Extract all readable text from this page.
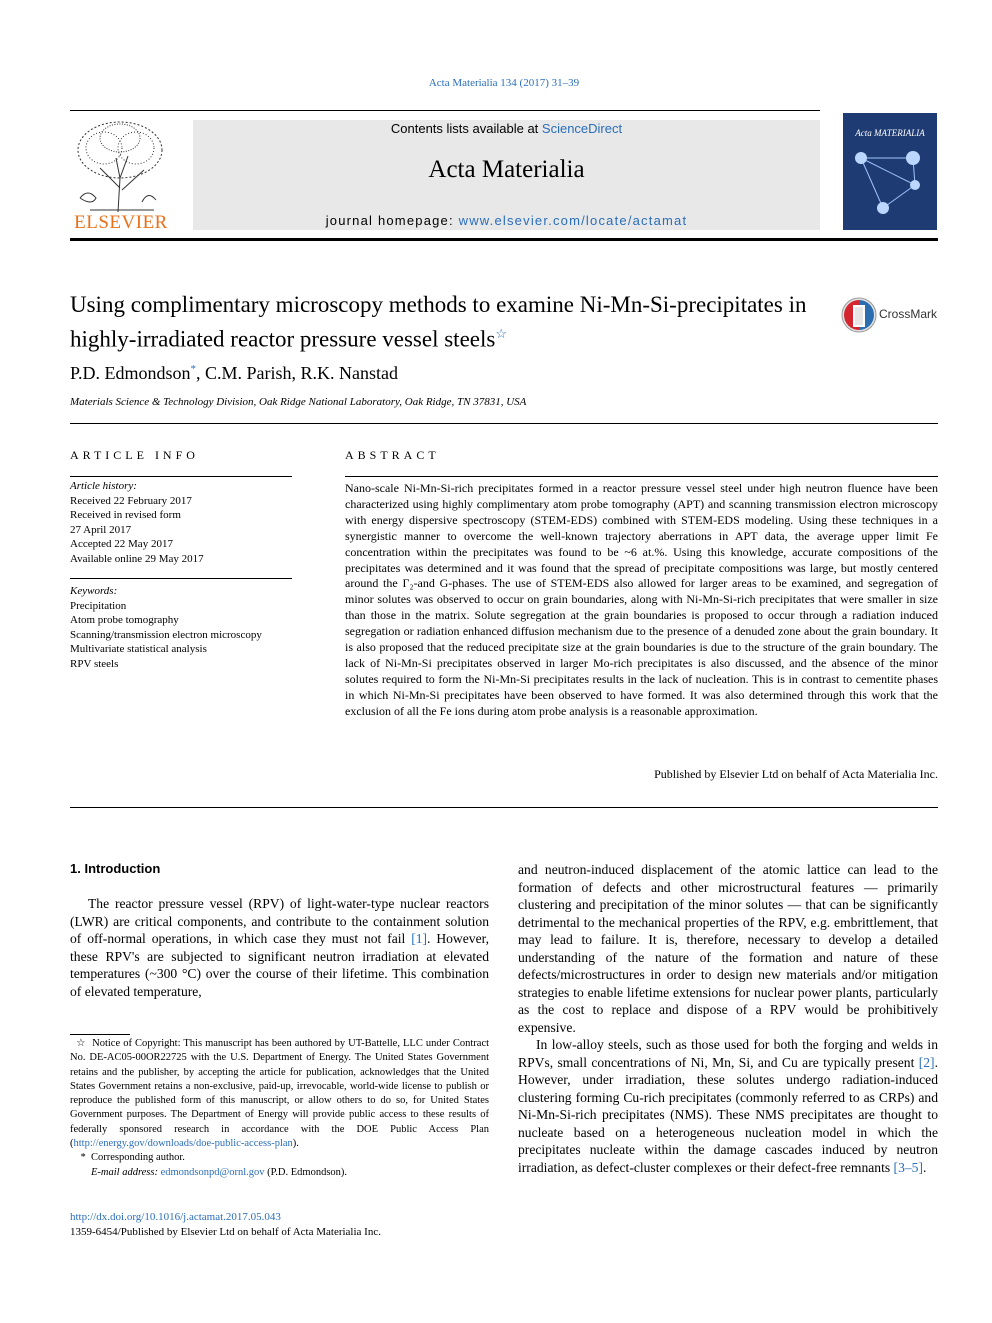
Acta Materialia 134 (2017) 31–39
ELSEVIER
Contents lists available at ScienceDirect
Acta Materialia
journal homepage: www.elsevier.com/locate/actamat
Acta MATERIALIA
Using complimentary microscopy methods to examine Ni-Mn-Si-precipitates in highly-irradiated reactor pressure vessel steels☆
CrossMark
P.D. Edmondson*, C.M. Parish, R.K. Nanstad
Materials Science & Technology Division, Oak Ridge National Laboratory, Oak Ridge, TN 37831, USA
ARTICLE INFO
Article history:
Received 22 February 2017
Received in revised form
27 April 2017
Accepted 22 May 2017
Available online 29 May 2017
Keywords:
Precipitation
Atom probe tomography
Scanning/transmission electron microscopy
Multivariate statistical analysis
RPV steels
ABSTRACT
Nano-scale Ni-Mn-Si-rich precipitates formed in a reactor pressure vessel steel under high neutron fluence have been characterized using highly complimentary atom probe tomography (APT) and scanning transmission electron microscopy with energy dispersive spectroscopy (STEM-EDS) combined with STEM-EDS modeling. Using these techniques in a synergistic manner to overcome the well-known trajectory aberrations in APT data, the average upper limit Fe concentration within the precipitates was found to be ~6 at.%. Using this knowledge, accurate compositions of the precipitates was determined and it was found that the spread of precipitate compositions was large, but mostly centered around the Γ₂-and G-phases. The use of STEM-EDS also allowed for larger areas to be examined, and segregation of minor solutes was observed to occur on grain boundaries, along with Ni-Mn-Si-rich precipitates that were smaller in size than those in the matrix. Solute segregation at the grain boundaries is proposed to occur through a radiation induced segregation or radiation enhanced diffusion mechanism due to the presence of a denuded zone about the grain boundary. It is also proposed that the reduced precipitate size at the grain boundaries is due to the structure of the grain boundary. The lack of Ni-Mn-Si precipitates observed in larger Mo-rich precipitates is also discussed, and the absence of the minor solutes required to form the Ni-Mn-Si precipitates results in the lack of nucleation. This is in contrast to cementite phases in which Ni-Mn-Si precipitates have been observed to have formed. It was also determined through this work that the exclusion of all the Fe ions during atom probe analysis is a reasonable approximation.
Published by Elsevier Ltd on behalf of Acta Materialia Inc.
1. Introduction

The reactor pressure vessel (RPV) of light-water-type nuclear reactors (LWR) are critical components, and contribute to the containment solution of off-normal operations, in which case they must not fail [1]. However, these RPV's are subjected to significant neutron irradiation at elevated temperatures (~300 °C) over the course of their lifetime. This combination of elevated temperature,

and neutron-induced displacement of the atomic lattice can lead to the formation of defects and other microstructural features — primarily clustering and precipitation of the minor solutes — that can be significantly detrimental to the mechanical properties of the RPV, e.g. embrittlement, that may lead to failure. It is, therefore, necessary to develop a detailed understanding of the nature of the formation and nature of these defects/microstructures in order to design new materials and/or mitigation strategies to enable lifetime extensions for nuclear power plants, particularly as the cost to replace and dispose of a RPV would be prohibitively expensive.

In low-alloy steels, such as those used for both the forging and welds in RPVs, small concentrations of Ni, Mn, Si, and Cu are typically present [2]. However, under irradiation, these solutes undergo radiation-induced clustering forming Cu-rich precipitates (commonly referred to as CRPs) and Ni-Mn-Si-rich precipitates (NMS). These NMS precipitates are thought to nucleate based on a heterogeneous nucleation model in which the precipitates nucleate within the damage cascades induced by neutron irradiation, as defect-cluster complexes or their defect-free remnants [3–5].

☆ Notice of Copyright: This manuscript has been authored by UT-Battelle, LLC under Contract No. DE-AC05-00OR22725 with the U.S. Department of Energy. The United States Government retains and the publisher, by accepting the article for publication, acknowledges that the United States Government retains a non-exclusive, paid-up, irrevocable, world-wide license to publish or reproduce the published form of this manuscript, or allow others to do so, for United States Government purposes. The Department of Energy will provide public access to these results of federally sponsored research in accordance with the DOE Public Access Plan (http://energy.gov/downloads/doe-public-access-plan).

* Corresponding author.

E-mail address: edmondsonpd@ornl.gov (P.D. Edmondson).

http://dx.doi.org/10.1016/j.actamat.2017.05.043
1359-6454/Published by Elsevier Ltd on behalf of Acta Materialia Inc.
